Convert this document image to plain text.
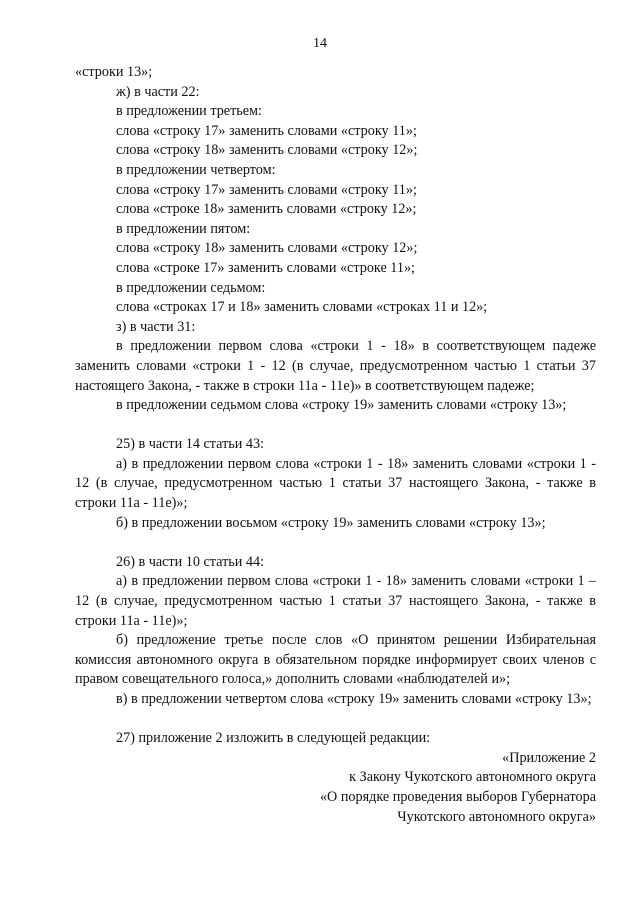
14

«строки 13»;

ж) в части 22:

в предложении третьем:

слова «строку 17» заменить словами «строку 11»;

слова «строку 18» заменить словами «строку 12»;

в предложении четвертом:

слова «строку 17» заменить словами «строку 11»;

слова «строке 18» заменить словами «строку 12»;

в предложении пятом:

слова «строку 18» заменить словами «строку 12»;

слова «строке 17» заменить словами «строке 11»;

в предложении седьмом:

слова «строках 17 и 18» заменить словами «строках 11 и 12»;

з) в части 31:

в предложении первом слова «строки 1 - 18» в соответствующем падеже заменить словами «строки 1 - 12 (в случае, предусмотренном частью 1 статьи 37 настоящего Закона, - также в строки 11а - 11е)» в соответствующем падеже;

в предложении седьмом слова «строку 19» заменить словами «строку 13»;

25) в части 14 статьи 43:

а) в предложении первом слова «строки 1 - 18» заменить словами «строки 1 - 12 (в случае, предусмотренном частью 1 статьи 37 настоящего Закона, - также в строки 11а - 11е)»;

б) в предложении восьмом «строку 19» заменить словами «строку 13»;

26) в части 10 статьи 44:

а) в предложении первом слова «строки 1 - 18» заменить словами «строки 1 – 12 (в случае, предусмотренном частью 1 статьи 37 настоящего Закона, - также в строки 11а - 11е)»;

б) предложение третье после слов «О принятом решении Избирательная комиссия автономного округа в обязательном порядке информирует своих членов с правом совещательного голоса,» дополнить словами «наблюдателей и»;

в) в предложении четвертом слова «строку 19» заменить словами «строку 13»;

27) приложение 2 изложить в следующей редакции:

«Приложение 2
к Закону Чукотского автономного округа
«О порядке проведения выборов Губернатора
Чукотского автономного округа»
